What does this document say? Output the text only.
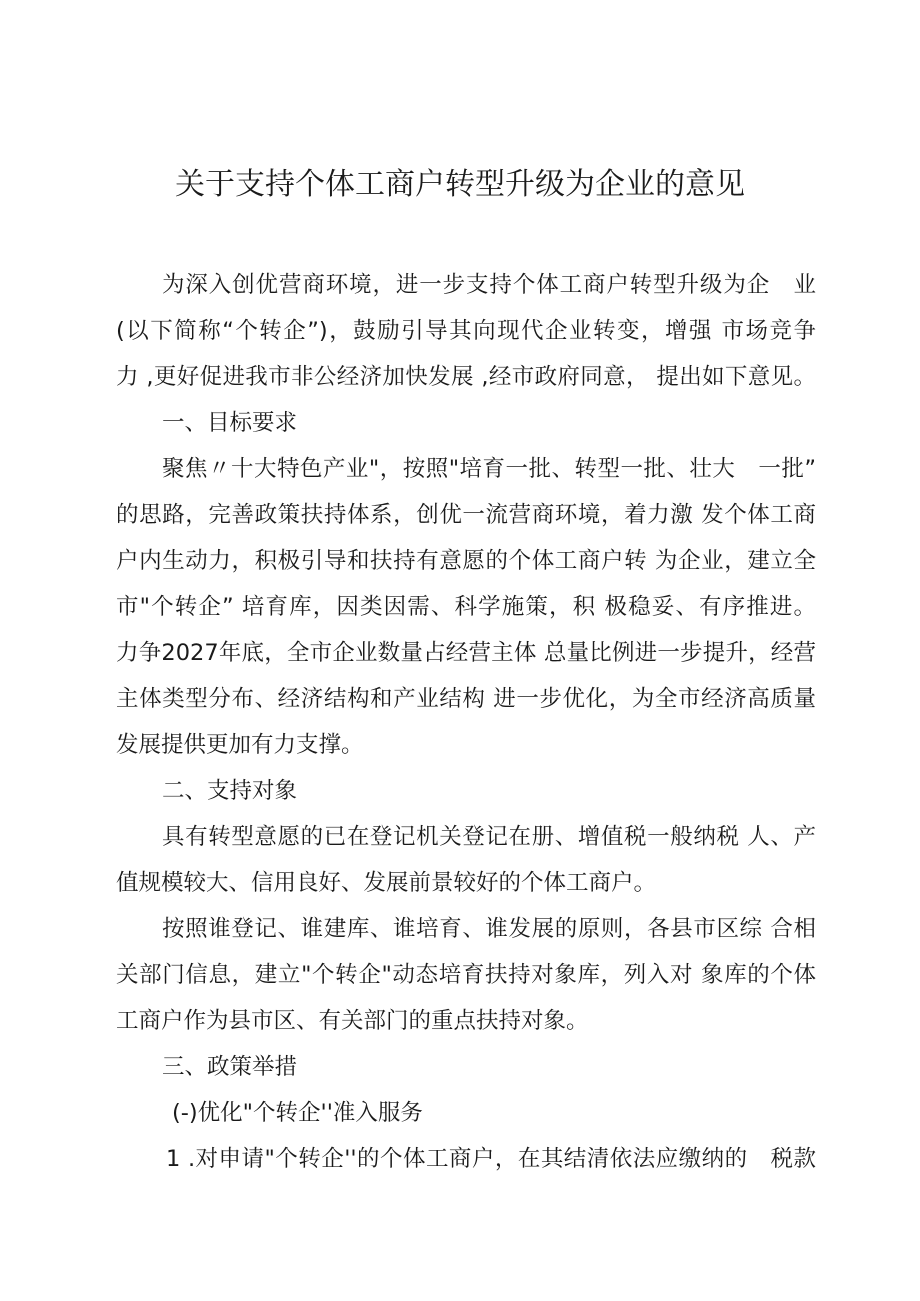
关于支持个体工商户转型升级为企业的意见
为深入创优营商环境，进一步支持个体工商户转型升级为企　业
(以下简称“个转企”)，鼓励引导其向现代企业转变，增强 市场竞争
力 ,更好促进我市非公经济加快发展 ,经市政府同意， 提出如下意见。
一、目标要求
聚焦〃十大特色产业"，按照"培育一批、转型一批、壮大　一批”
的思路，完善政策扶持体系，创优一流营商环境，着力激 发个体工商
户内生动力，积极引导和扶持有意愿的个体工商户转 为企业，建立全
市"个转企” 培育库，因类因需、科学施策，积 极稳妥、有序推进。
力争2027年底，全市企业数量占经营主体 总量比例进一步提升，经营
主体类型分布、经济结构和产业结构 进一步优化，为全市经济高质量
发展提供更加有力支撑。
二、支持对象
具有转型意愿的已在登记机关登记在册、增值税一般纳税 人、产
值规模较大、信用良好、发展前景较好的个体工商户。
按照谁登记、谁建库、谁培育、谁发展的原则，各县市区综 合相
关部门信息，建立"个转企"动态培育扶持对象库，列入对 象库的个体
工商户作为县市区、有关部门的重点扶持对象。
三、政策举措
(-)优化"个转企''准入服务
1 .对申请"个转企''的个体工商户，在其结清依法应缴纳的　税款
